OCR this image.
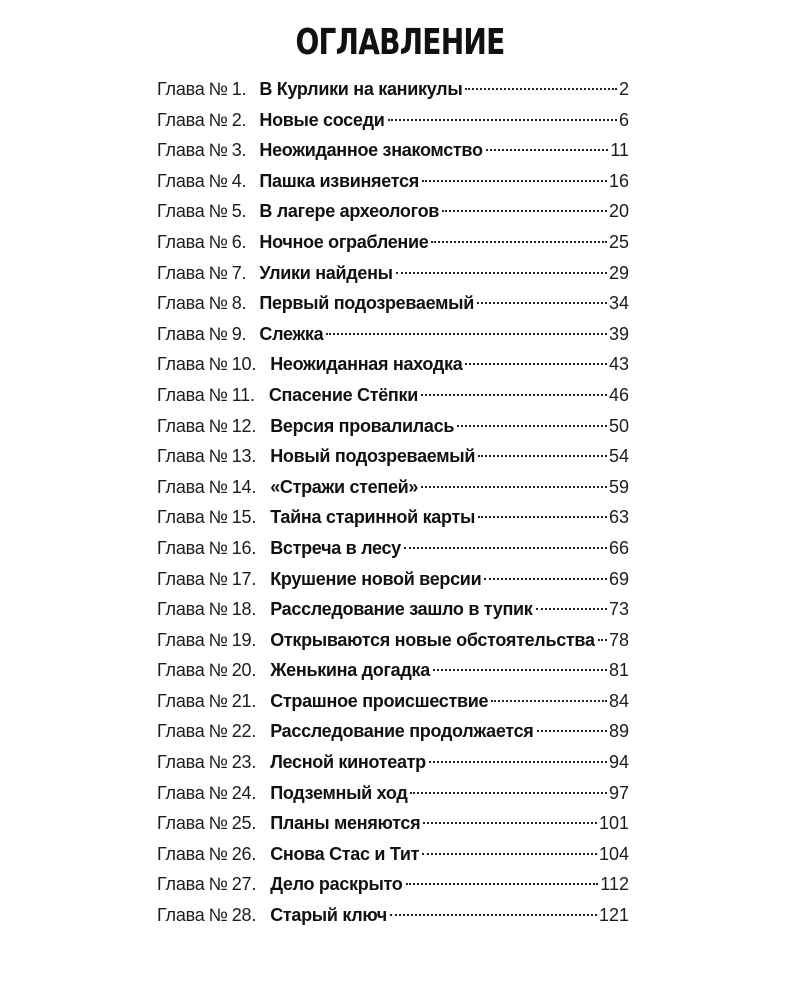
ОГЛАВЛЕНИЕ
Глава № 1. В Курлики на каникулы	2
Глава № 2. Новые соседи	6
Глава № 3. Неожиданное знакомство	11
Глава № 4. Пашка извиняется	16
Глава № 5. В лагере археологов	20
Глава № 6. Ночное ограбление	25
Глава № 7. Улики найдены	29
Глава № 8. Первый подозреваемый	34
Глава № 9. Слежка	39
Глава № 10. Неожиданная находка	43
Глава № 11. Спасение Стёпки	46
Глава № 12. Версия провалилась	50
Глава № 13. Новый подозреваемый	54
Глава № 14. «Стражи степей»	59
Глава № 15. Тайна старинной карты	63
Глава № 16. Встреча в лесу	66
Глава № 17. Крушение новой версии	69
Глава № 18. Расследование зашло в тупик	73
Глава № 19. Открываются новые обстоятельства 78
Глава № 20. Женькина догадка	81
Глава № 21. Страшное происшествие	84
Глава № 22. Расследование продолжается	89
Глава № 23. Лесной кинотеатр	94
Глава № 24. Подземный ход	97
Глава № 25. Планы меняются	101
Глава № 26. Снова Стас и Тит	104
Глава № 27. Дело раскрыто	112
Глава № 28. Старый ключ	121
